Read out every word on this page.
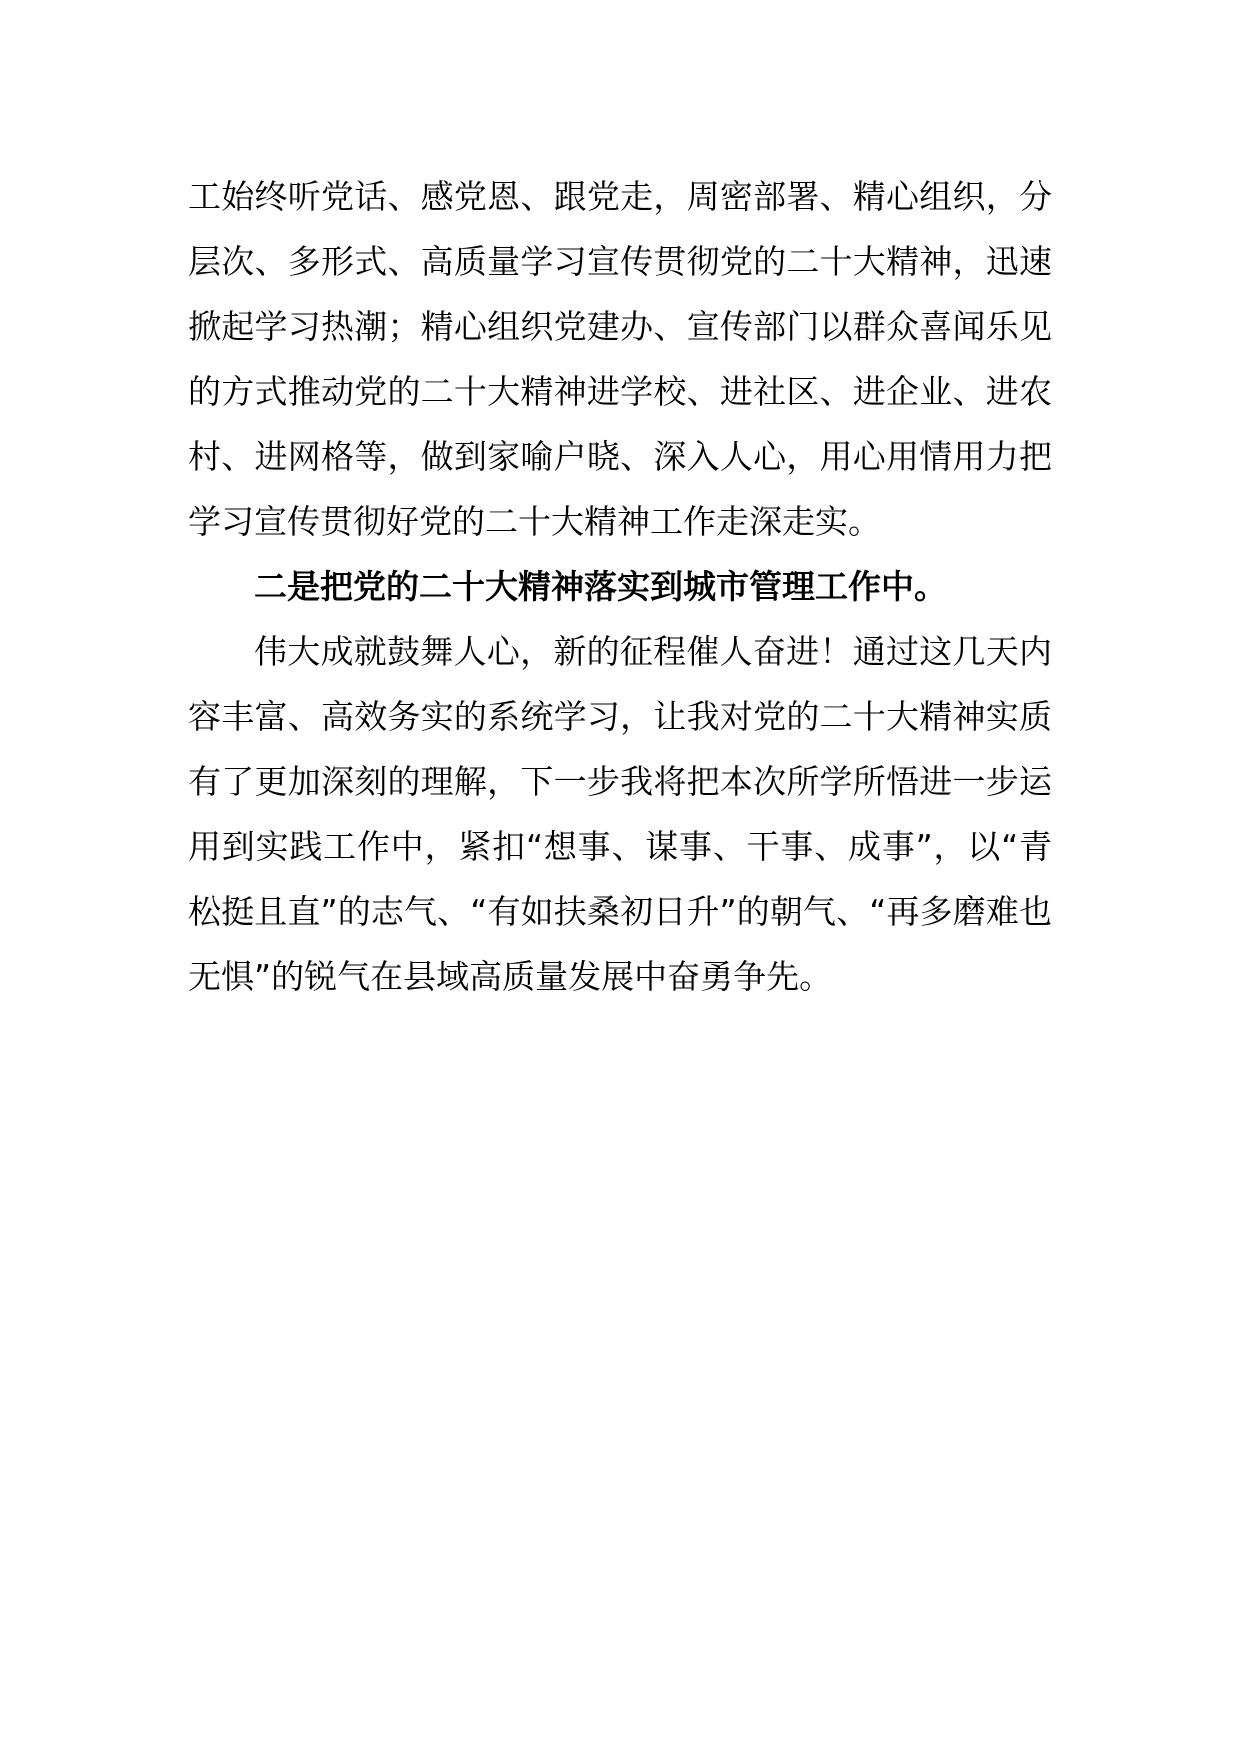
工始终听党话、感党恩、跟党走，周密部署、精心组织，分层次、多形式、高质量学习宣传贯彻党的二十大精神，迅速掀起学习热潮；精心组织党建办、宣传部门以群众喜闻乐见的方式推动党的二十大精神进学校、进社区、进企业、进农村、进网格等，做到家喻户晓、深入人心，用心用情用力把学习宣传贯彻好党的二十大精神工作走深走实。

二是把党的二十大精神落实到城市管理工作中。

伟大成就鼓舞人心，新的征程催人奋进！通过这几天内容丰富、高效务实的系统学习，让我对党的二十大精神实质有了更加深刻的理解，下一步我将把本次所学所悟进一步运用到实践工作中，紧扣“想事、谋事、干事、成事”，以“青松挺且直”的志气、“有如扶桑初日升”的朝气、“再多磨难也无惧”的锐气在县域高质量发展中奋勇争先。
